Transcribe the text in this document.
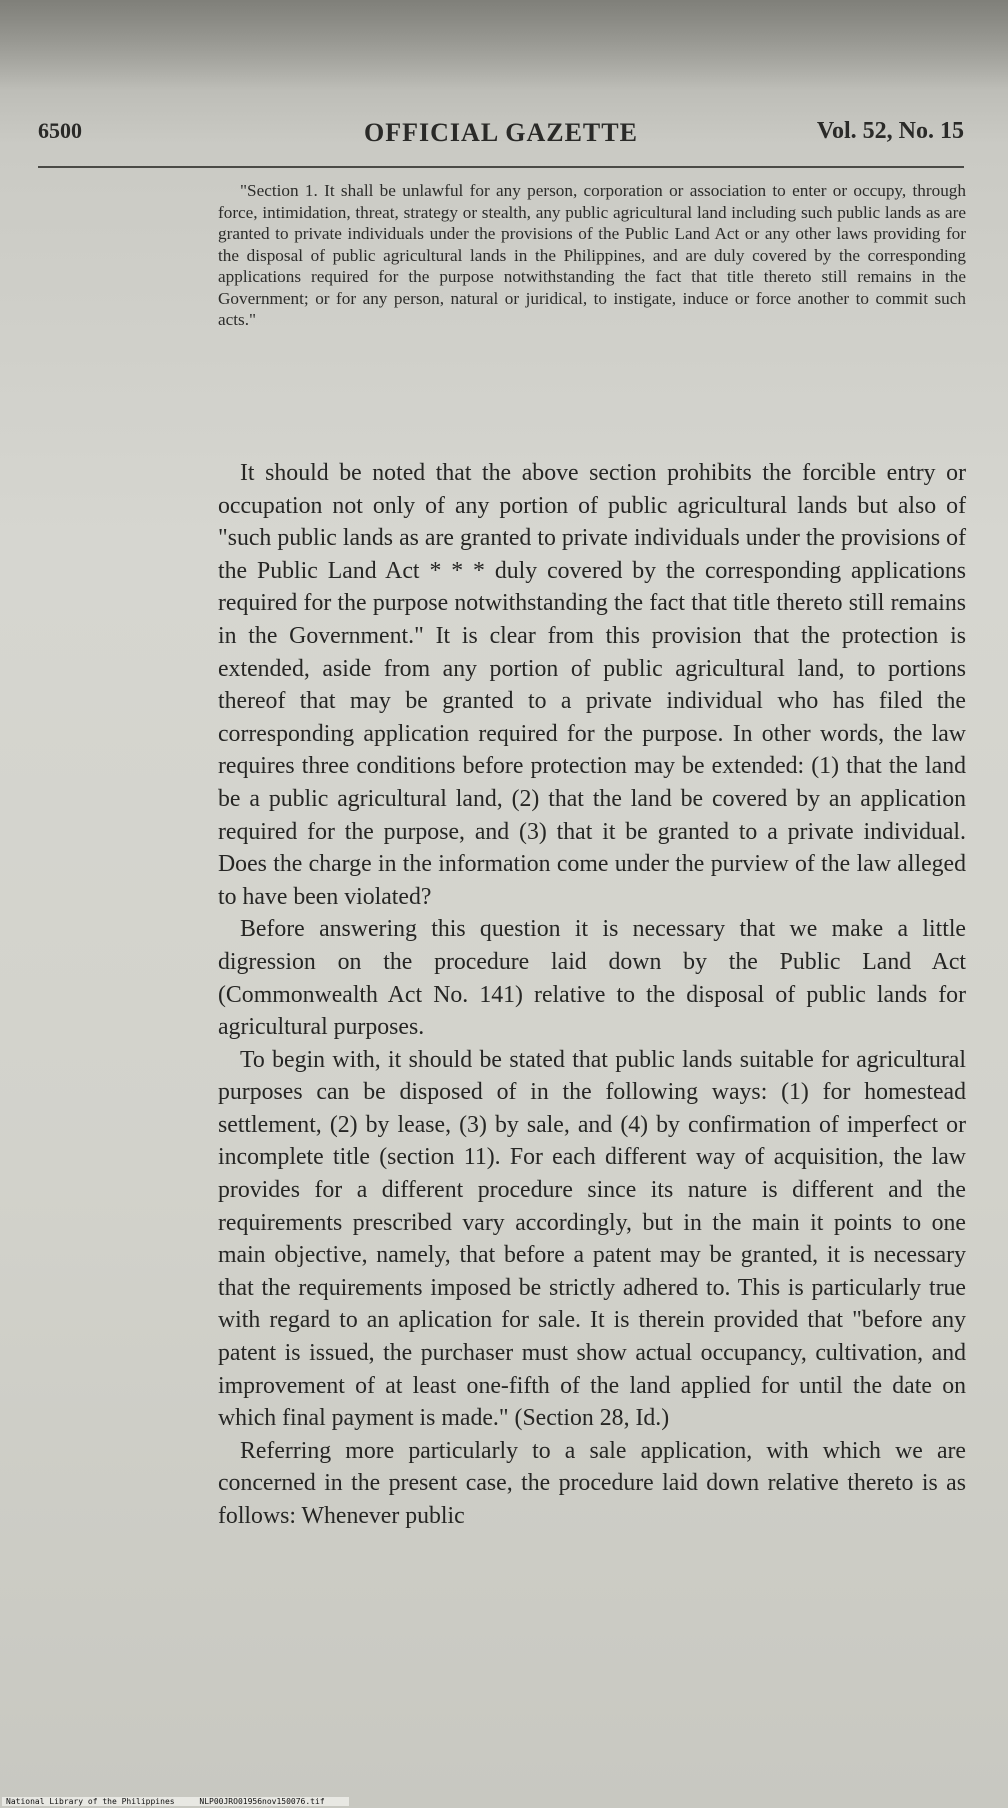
6500	OFFICIAL GAZETTE	Vol. 52, No. 15

"Section 1. It shall be unlawful for any person, corporation or association to enter or occupy, through force, intimidation, threat, strategy or stealth, any public agricultural land including such public lands as are granted to private individuals under the provisions of the Public Land Act or any other laws providing for the disposal of public agricultural lands in the Philippines, and are duly covered by the corresponding applications required for the purpose notwithstanding the fact that title thereto still remains in the Government; or for any person, natural or juridical, to instigate, induce or force another to commit such acts."

It should be noted that the above section prohibits the forcible entry or occupation not only of any portion of public agricultural lands but also of "such public lands as are granted to private individuals under the provisions of the Public Land Act * * * duly covered by the corresponding applications required for the purpose notwithstanding the fact that title thereto still remains in the Government." It is clear from this provision that the protection is extended, aside from any portion of public agricultural land, to portions thereof that may be granted to a private individual who has filed the corresponding application required for the purpose. In other words, the law requires three conditions before protection may be extended: (1) that the land be a public agricultural land, (2) that the land be covered by an application required for the purpose, and (3) that it be granted to a private individual. Does the charge in the information come under the purview of the law alleged to have been violated?

Before answering this question it is necessary that we make a little digression on the procedure laid down by the Public Land Act (Commonwealth Act No. 141) relative to the disposal of public lands for agricultural purposes.

To begin with, it should be stated that public lands suitable for agricultural purposes can be disposed of in the following ways: (1) for homestead settlement, (2) by lease, (3) by sale, and (4) by confirmation of imperfect or incomplete title (section 11). For each different way of acquisition, the law provides for a different procedure since its nature is different and the requirements prescribed vary accordingly, but in the main it points to one main objective, namely, that before a patent may be granted, it is necessary that the requirements imposed be strictly adhered to. This is particularly true with regard to an aplication for sale. It is therein provided that "before any patent is issued, the purchaser must show actual occupancy, cultivation, and improvement of at least one-fifth of the land applied for until the date on which final payment is made." (Section 28, Id.)

Referring more particularly to a sale application, with which we are concerned in the present case, the procedure laid down relative thereto is as follows: Whenever public

National Library of the Philippines	NLP00JRO01956nov150076.tif
